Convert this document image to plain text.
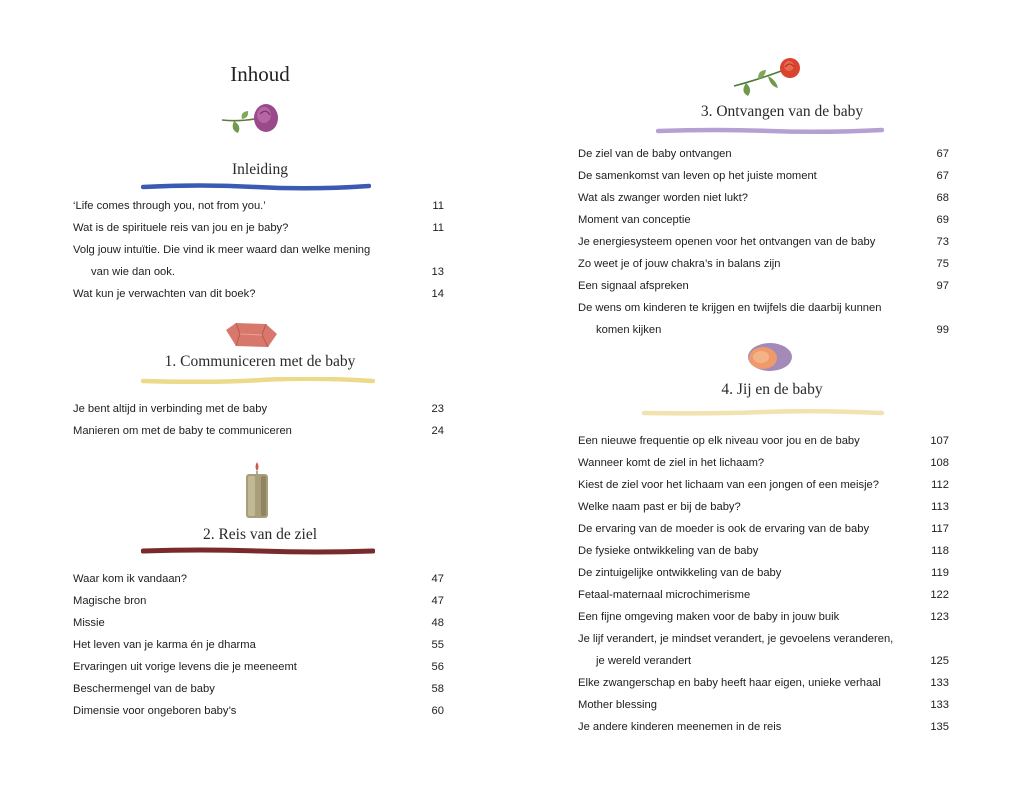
Inhoud
Inleiding
‘Life comes through you, not from you.’	11
Wat is de spirituele reis van jou en je baby?	11
Volg jouw intuïtie. Die vind ik meer waard dan welke mening
van wie dan ook.	13
Wat kun je verwachten van dit boek?	14
1. Communiceren met de baby
Je bent altijd in verbinding met de baby	23
Manieren om met de baby te communiceren	24
2. Reis van de ziel
Waar kom ik vandaan?	47
Magische bron	47
Missie	48
Het leven van je karma én je dharma	55
Ervaringen uit vorige levens die je meeneemt	56
Beschermengel van de baby	58
Dimensie voor ongeboren baby’s	60
3. Ontvangen van de baby
De ziel van de baby ontvangen	67
De samenkomst van leven op het juiste moment	67
Wat als zwanger worden niet lukt?	68
Moment van conceptie	69
Je energiesysteem openen voor het ontvangen van de baby	73
Zo weet je of jouw chakra’s in balans zijn	75
Een signaal afspreken	97
De wens om kinderen te krijgen en twijfels die daarbij kunnen
komen kijken	99
4. Jij en de baby
Een nieuwe frequentie op elk niveau voor jou en de baby	107
Wanneer komt de ziel in het lichaam?	108
Kiest de ziel voor het lichaam van een jongen of een meisje?	112
Welke naam past er bij de baby?	113
De ervaring van de moeder is ook de ervaring van de baby	117
De fysieke ontwikkeling van de baby	118
De zintuigelijke ontwikkeling van de baby	119
Fetaal-maternaal microchimerisme	122
Een fijne omgeving maken voor de baby in jouw buik	123
Je lijf verandert, je mindset verandert, je gevoelens veranderen,
je wereld verandert	125
Elke zwangerschap en baby heeft haar eigen, unieke verhaal	133
Mother blessing	133
Je andere kinderen meenemen in de reis	135
